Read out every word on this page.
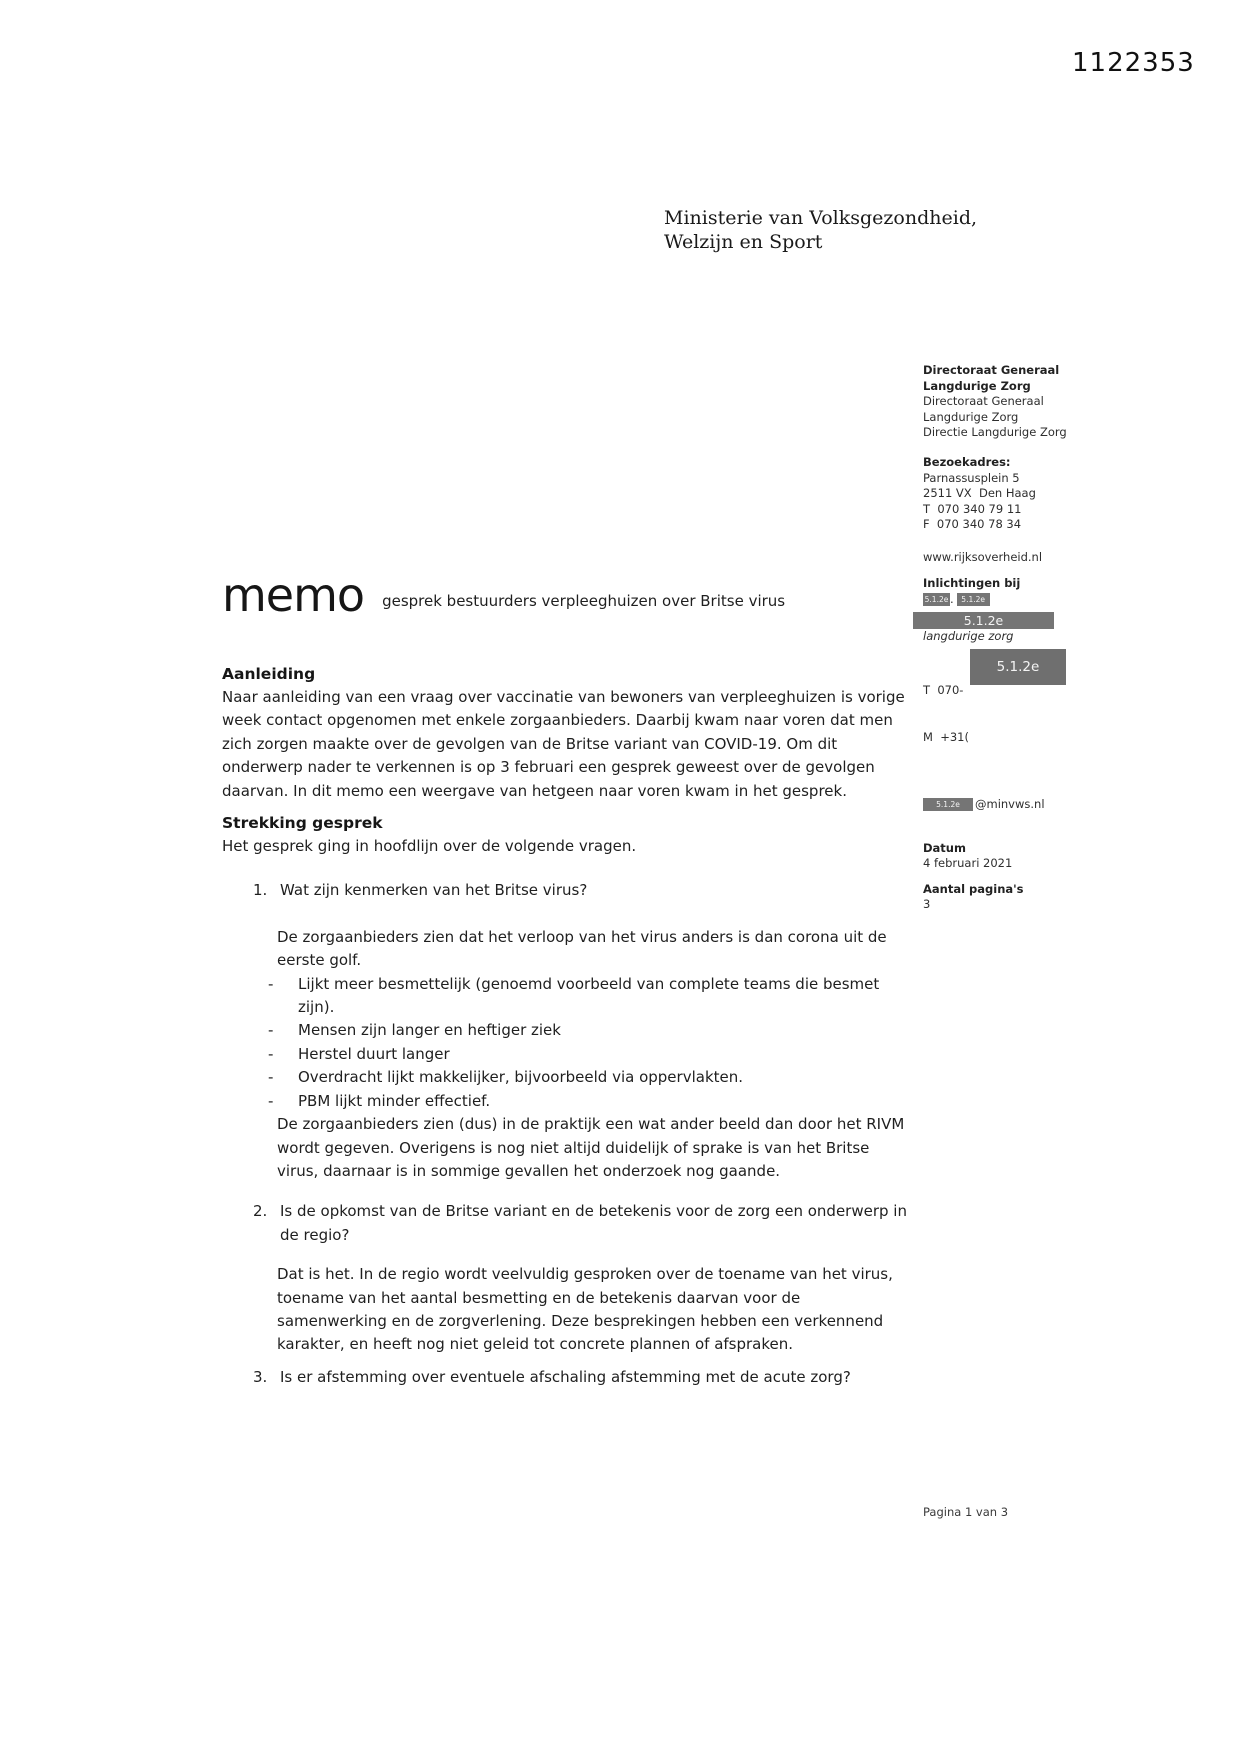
1122353
Ministerie van Volksgezondheid,
Welzijn en Sport
Directoraat Generaal
Langdurige Zorg
Directoraat Generaal
Langdurige Zorg
Directie Langdurige Zorg
Bezoekadres:
Parnassusplein 5
2511 VX  Den Haag
T  070 340 79 11
F  070 340 78 34
www.rijksoverheid.nl
Inlichtingen bij
5.1.2e . 5.1.2e
5.1.2e
langdurige zorg

T  070-

M  +31(

5.1.2e

5.1.2e @minvws.nl
Datum
4 februari 2021
Aantal pagina's
3
memo gesprek bestuurders verpleeghuizen over Britse virus
Aanleiding

Naar aanleiding van een vraag over vaccinatie van bewoners van verpleeghuizen is vorige week contact opgenomen met enkele zorgaanbieders. Daarbij kwam naar voren dat men zich zorgen maakte over de gevolgen van de Britse variant van COVID-19. Om dit onderwerp nader te verkennen is op 3 februari een gesprek geweest over de gevolgen daarvan. In dit memo een weergave van hetgeen naar voren kwam in het gesprek.

Strekking gesprek

Het gesprek ging in hoofdlijn over de volgende vragen.

1. Wat zijn kenmerken van het Britse virus?

De zorgaanbieders zien dat het verloop van het virus anders is dan corona uit de eerste golf.

-	Lijkt meer besmettelijk (genoemd voorbeeld van complete teams die besmet zijn).
-	Mensen zijn langer en heftiger ziek
-	Herstel duurt langer
-	Overdracht lijkt makkelijker, bijvoorbeeld via oppervlakten.
-	PBM lijkt minder effectief.

De zorgaanbieders zien (dus) in de praktijk een wat ander beeld dan door het RIVM wordt gegeven. Overigens is nog niet altijd duidelijk of sprake is van het Britse virus, daarnaar is in sommige gevallen het onderzoek nog gaande.

2. Is de opkomst van de Britse variant en de betekenis voor de zorg een onderwerp in de regio?

Dat is het. In de regio wordt veelvuldig gesproken over de toename van het virus, toename van het aantal besmetting en de betekenis daarvan voor de samenwerking en de zorgverlening. Deze besprekingen hebben een verkennend karakter, en heeft nog niet geleid tot concrete plannen of afspraken.

3. Is er afstemming over eventuele afschaling afstemming met de acute zorg?
Pagina 1 van 3
